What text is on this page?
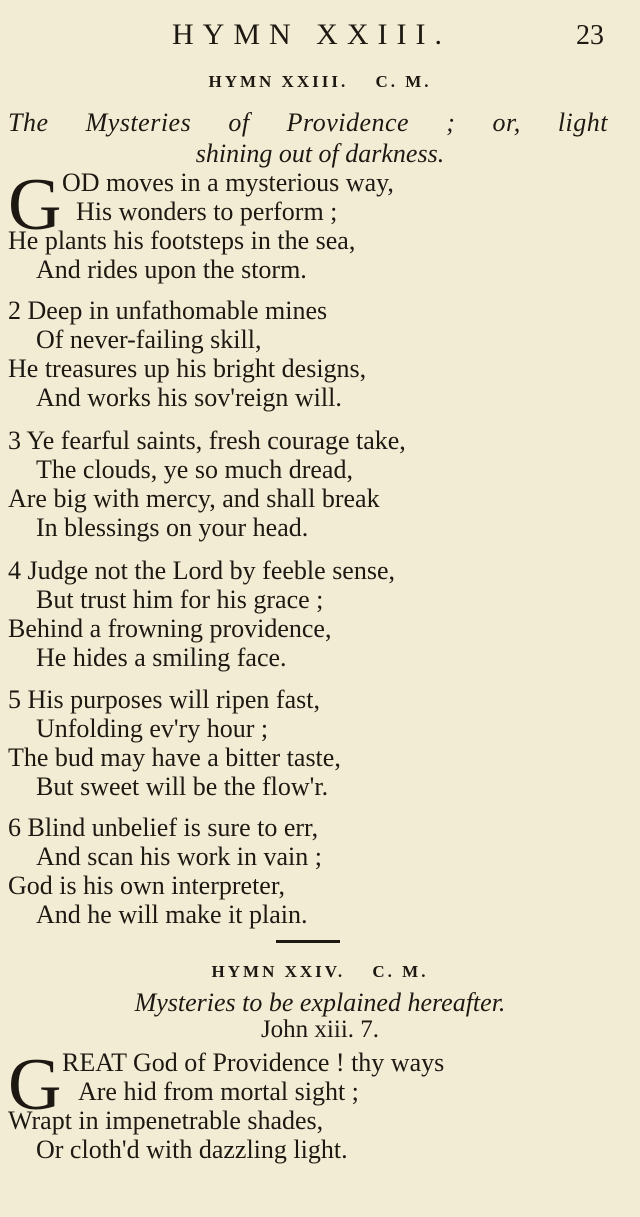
HYMN XXIII.	23
HYMN XXIII. C. M.
The Mysteries of Providence ; or, light
shining out of darkness.
G OD moves in a mysterious way,
His wonders to perform ;
He plants his footsteps in the sea,
And rides upon the storm.
2 Deep in unfathomable mines
Of never-failing skill,
He treasures up his bright designs,
And works his sov'reign will.
3 Ye fearful saints, fresh courage take,
The clouds, ye so much dread,
Are big with mercy, and shall break
In blessings on your head.
4 Judge not the Lord by feeble sense,
But trust him for his grace ;
Behind a frowning providence,
He hides a smiling face.
5 His purposes will ripen fast,
Unfolding ev'ry hour ;
The bud may have a bitter taste,
But sweet will be the flow'r.
6 Blind unbelief is sure to err,
And scan his work in vain ;
God is his own interpreter,
And he will make it plain.
HYMN XXIV. C. M.
Mysteries to be explained hereafter.
John xiii. 7.
G REAT God of Providence ! thy ways
Are hid from mortal sight ;
Wrapt in impenetrable shades,
Or cloth'd with dazzling light.
